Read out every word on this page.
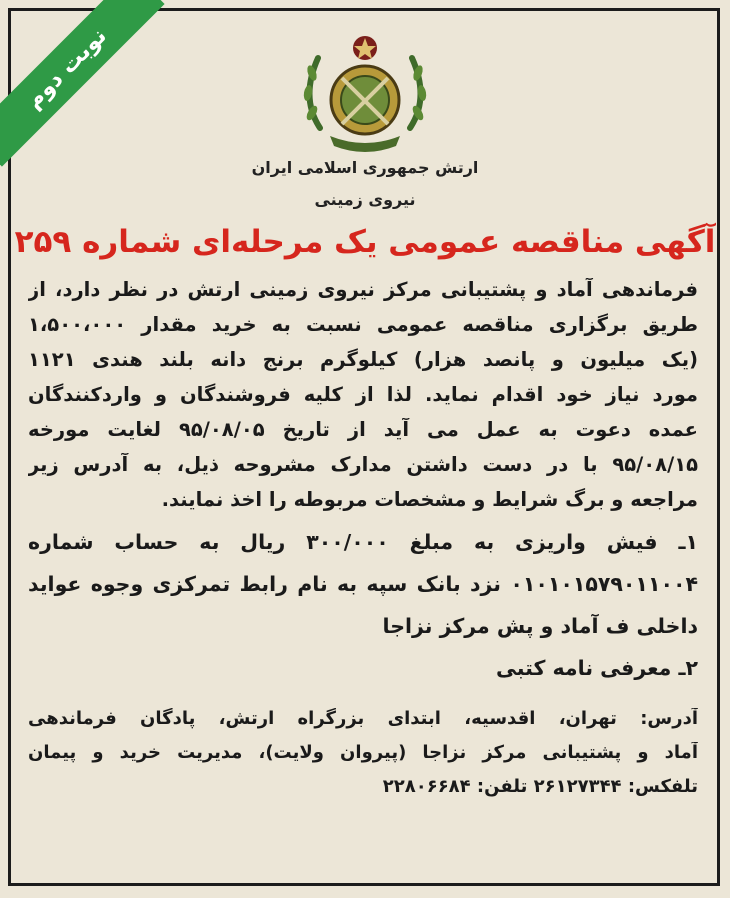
نوبت دوم
ارتش جمهوری اسلامی ایران
نیروی زمینی
آگهی مناقصه عمومی یک مرحله‌ای شماره ۲۵۹
فرماندهی آماد و پشتیبانی مرکز نیروی زمینی ارتش در نظر دارد، از
طریق برگزاری مناقصه عمومی نسبت به خرید مقدار ۱،۵۰۰،۰۰۰
(یک میلیون و پانصد هزار) کیلوگرم برنج دانه بلند هندی ۱۱۲۱
مورد نیاز خود اقدام نماید. لذا از کلیه فروشندگان و واردکنندگان
عمده دعوت به عمل می آید از تاریخ ۹۵/۰۸/۰۵ لغایت مورخه
۹۵/۰۸/۱۵ با در دست داشتن مدارک مشروحه ذیل، به آدرس زیر
مراجعه و برگ شرایط و مشخصات مربوطه را اخذ نمایند.
۱ـ فیش واریزی به مبلغ ۳۰۰/۰۰۰ ریال به حساب شماره
۰۱۰۱۰۱۵۷۹۰۱۱۰۰۴ نزد بانک سپه به نام رابط تمرکزی وجوه عواید
داخلی ف آماد و پش مرکز نزاجا
۲ـ معرفی نامه کتبی
آدرس: تهران، اقدسیه، ابتدای بزرگراه ارتش، پادگان فرماندهی
آماد و پشتیبانی مرکز نزاجا (پیروان ولایت)، مدیریت خرید و پیمان
تلفکس: ۲۶۱۲۷۳۴۴ تلفن: ۲۲۸۰۶۶۸۴
